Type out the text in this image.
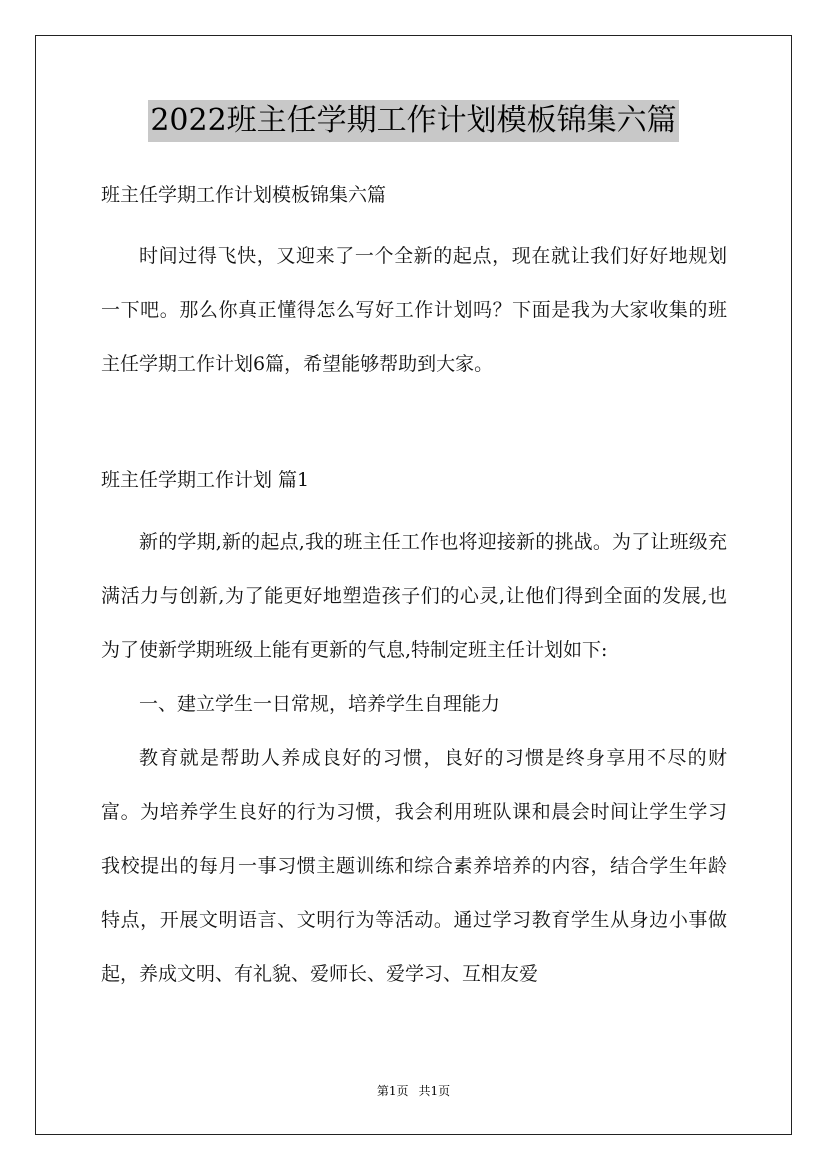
2022班主任学期工作计划模板锦集六篇

班主任学期工作计划模板锦集六篇

时间过得飞快，又迎来了一个全新的起点，现在就让我们好好地规划一下吧。那么你真正懂得怎么写好工作计划吗？下面是我为大家收集的班主任学期工作计划6篇，希望能够帮助到大家。

班主任学期工作计划 篇1

新的学期,新的起点,我的班主任工作也将迎接新的挑战。为了让班级充满活力与创新,为了能更好地塑造孩子们的心灵,让他们得到全面的发展,也为了使新学期班级上能有更新的气息,特制定班主任计划如下:

一、建立学生一日常规，培养学生自理能力

教育就是帮助人养成良好的习惯，良好的习惯是终身享用不尽的财富。为培养学生良好的行为习惯，我会利用班队课和晨会时间让学生学习我校提出的每月一事习惯主题训练和综合素养培养的内容，结合学生年龄特点，开展文明语言、文明行为等活动。通过学习教育学生从身边小事做起，养成文明、有礼貌、爱师长、爱学习、互相友爱

第1页 共1页
